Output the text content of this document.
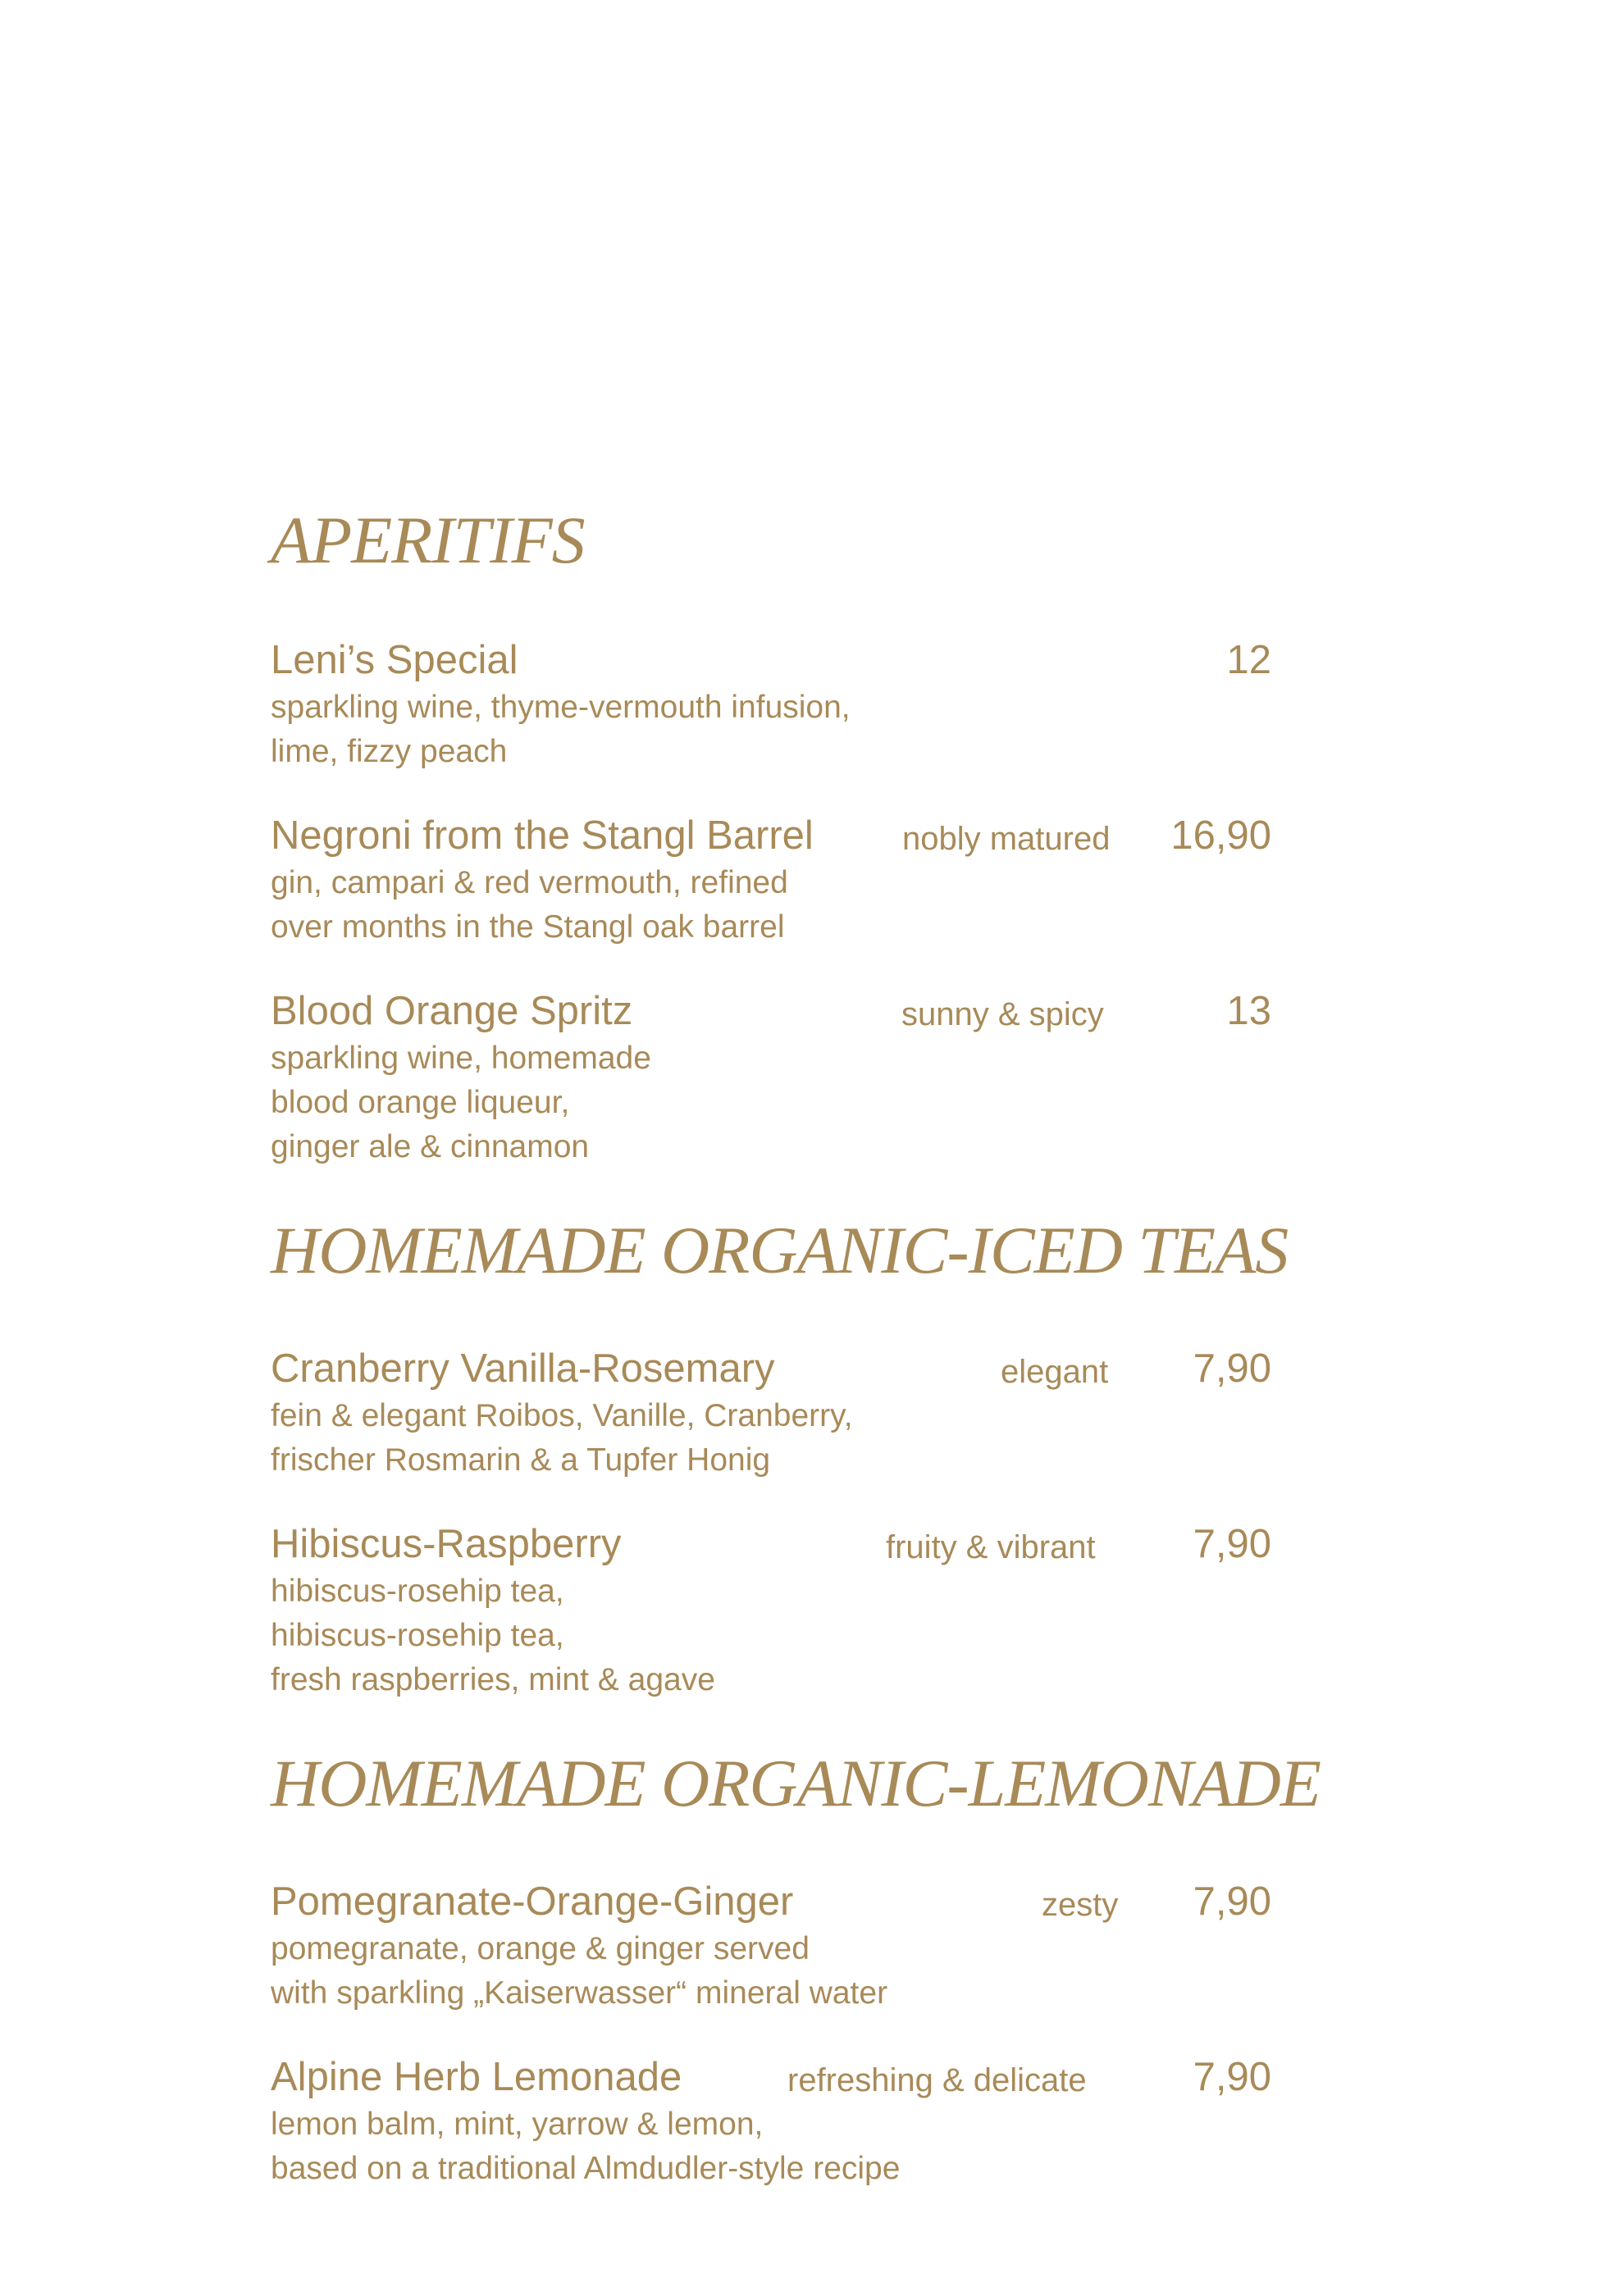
APERITIFS
Leni’s Special	12
sparkling wine, thyme-vermouth infusion,
lime, fizzy peach
Negroni from the Stangl Barrel	nobly matured 16,90
gin, campari & red vermouth, refined
over months in the Stangl oak barrel
Blood Orange Spritz	sunny & spicy	13
sparkling wine, homemade
blood orange liqueur,
ginger ale & cinnamon
HOMEMADE ORGANIC-ICED TEAS
Cranberry Vanilla-Rosemary	elegant 7,90
fein & elegant Roibos, Vanille, Cranberry,
frischer Rosmarin & a Tupfer Honig
Hibiscus-Raspberry	fruity & vibrant 7,90
hibiscus-rosehip tea,
hibiscus-rosehip tea,
fresh raspberries, mint & agave
HOMEMADE ORGANIC-LEMONADE
Pomegranate-Orange-Ginger	zesty 7,90
pomegranate, orange & ginger served
with sparkling „Kaiserwasser“ mineral water
Alpine Herb Lemonade	refreshing & delicate	7,90
lemon balm, mint, yarrow & lemon,
based on a traditional Almdudler-style recipe
